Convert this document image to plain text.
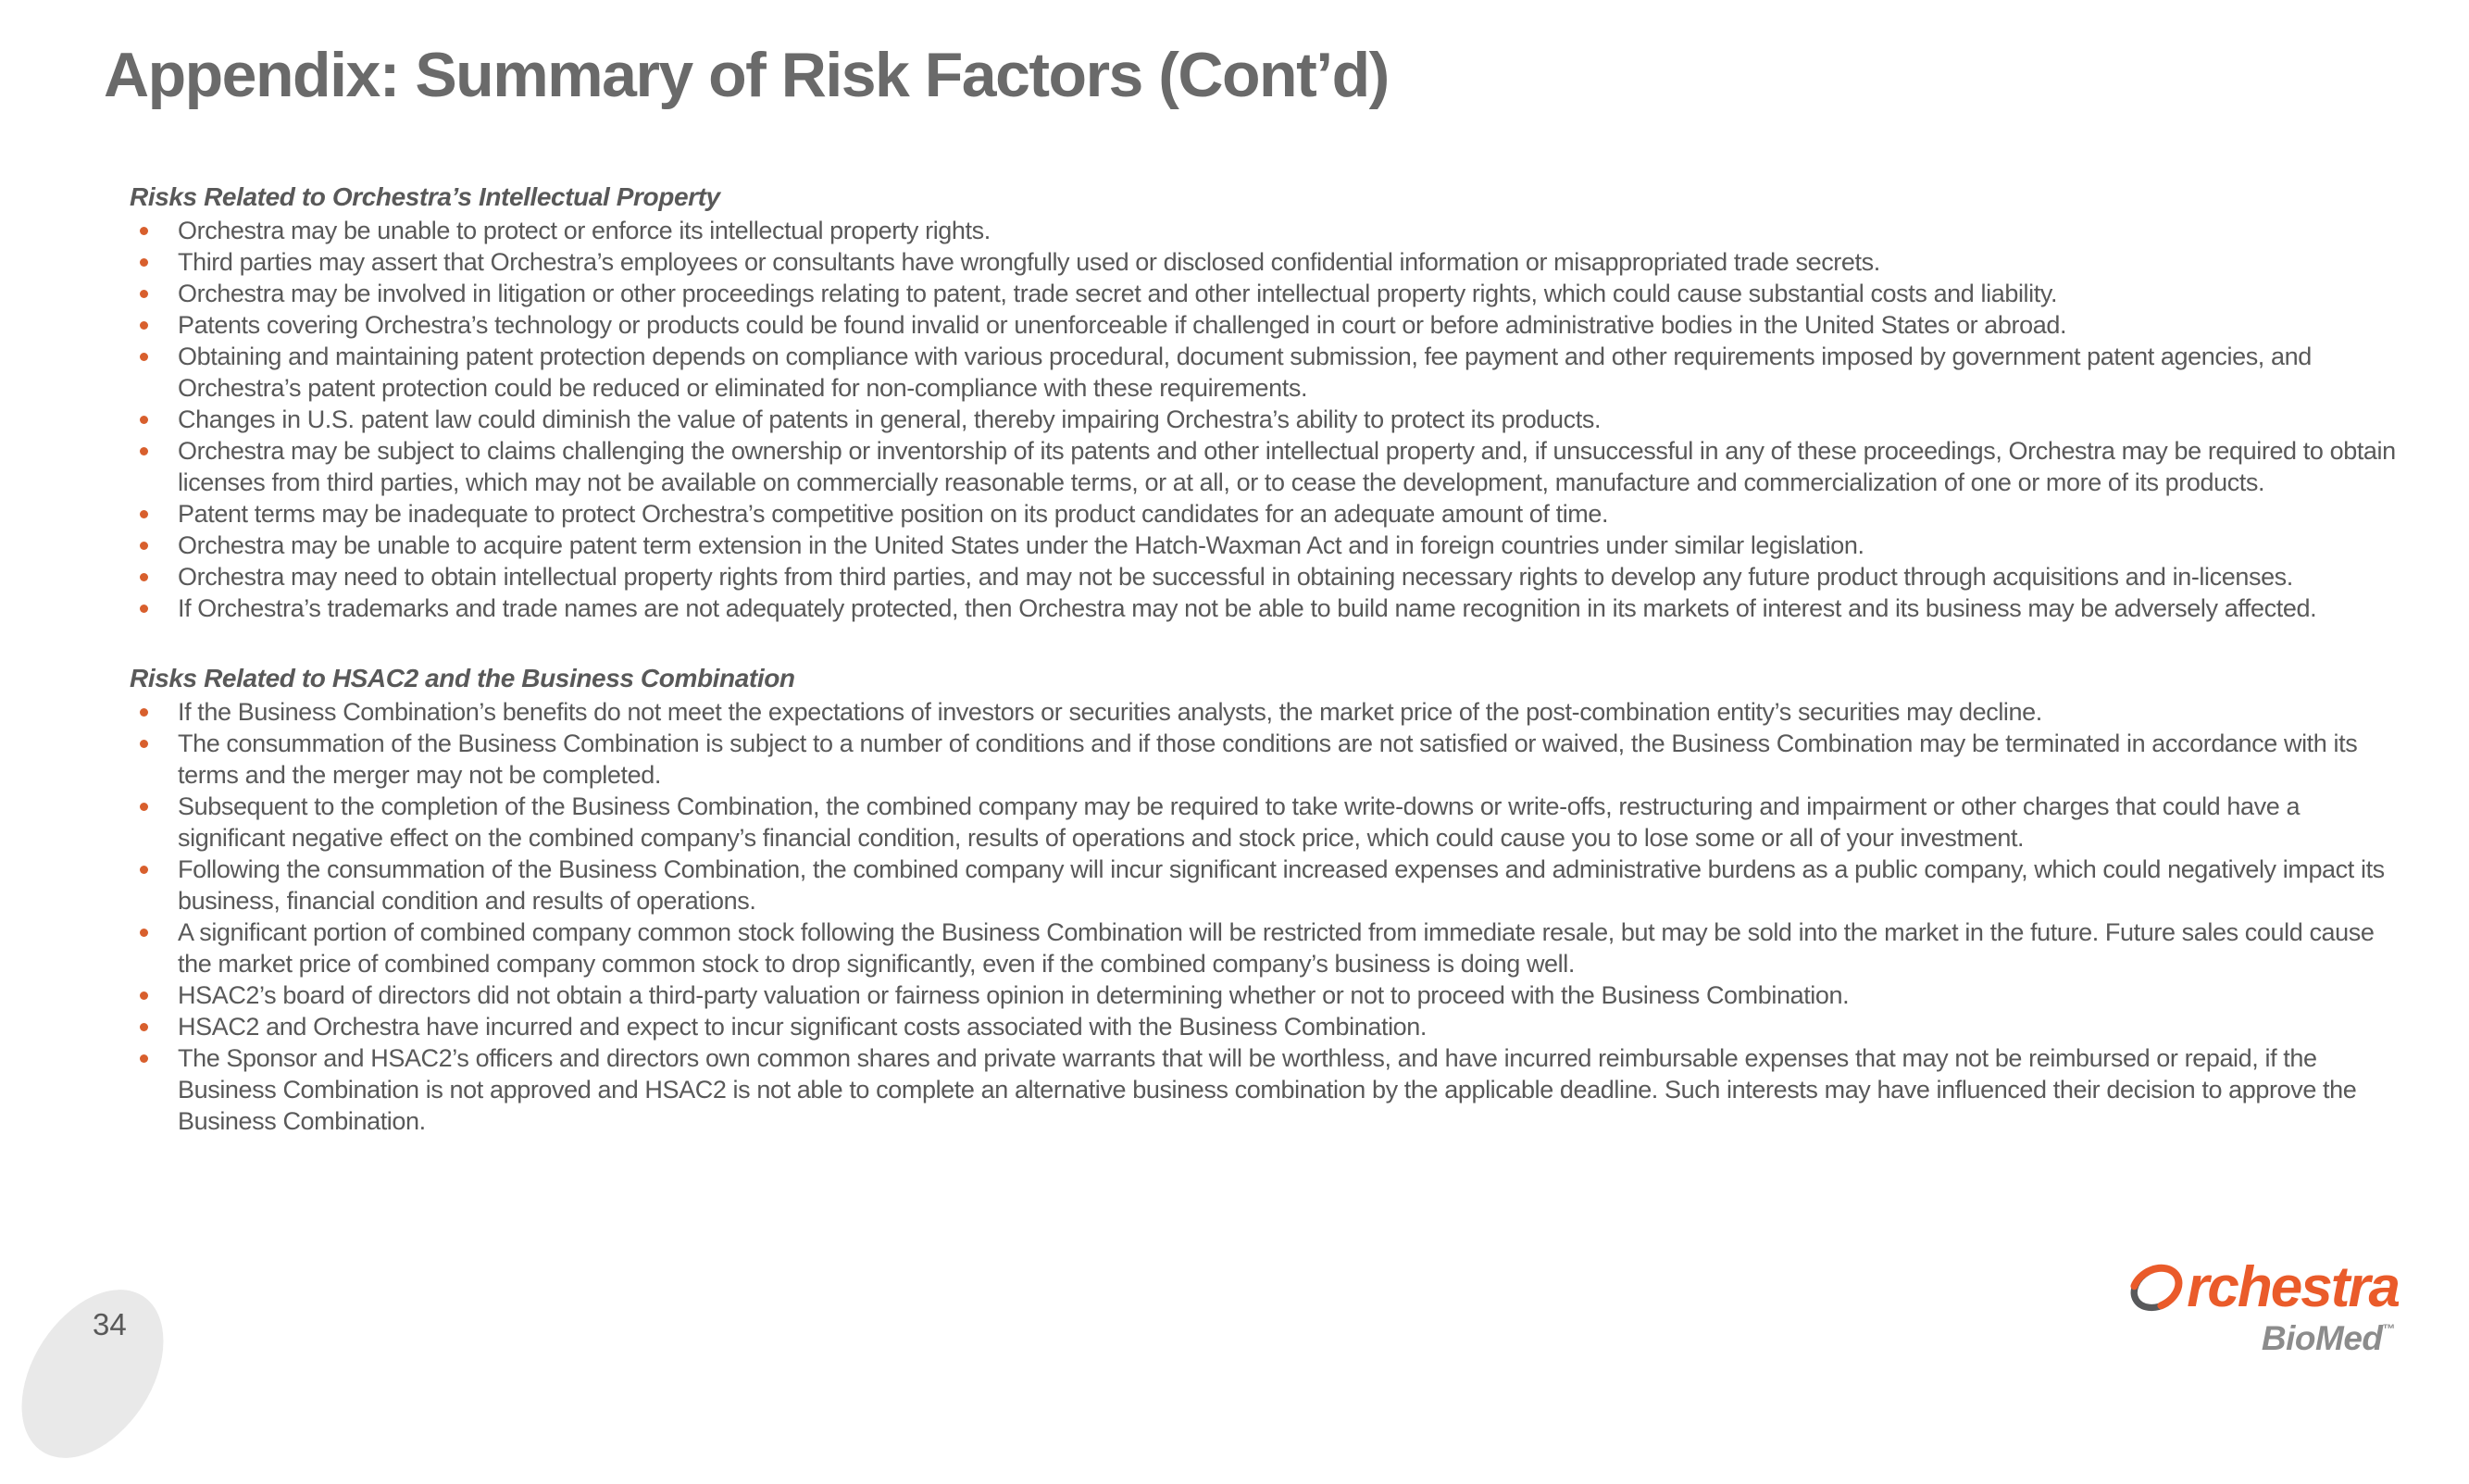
Appendix: Summary of Risk Factors (Cont’d)
Risks Related to Orchestra’s Intellectual Property
Orchestra may be unable to protect or enforce its intellectual property rights.
Third parties may assert that Orchestra’s employees or consultants have wrongfully used or disclosed confidential information or misappropriated trade secrets.
Orchestra may be involved in litigation or other proceedings relating to patent, trade secret and other intellectual property rights, which could cause substantial costs and liability.
Patents covering Orchestra’s technology or products could be found invalid or unenforceable if challenged in court or before administrative bodies in the United States or abroad.
Obtaining and maintaining patent protection depends on compliance with various procedural, document submission, fee payment and other requirements imposed by government patent agencies, and Orchestra’s patent protection could be reduced or eliminated for non-compliance with these requirements.
Changes in U.S. patent law could diminish the value of patents in general, thereby impairing Orchestra’s ability to protect its products.
Orchestra may be subject to claims challenging the ownership or inventorship of its patents and other intellectual property and, if unsuccessful in any of these proceedings, Orchestra may be required to obtain licenses from third parties, which may not be available on commercially reasonable terms, or at all, or to cease the development, manufacture and commercialization of one or more of its products.
Patent terms may be inadequate to protect Orchestra’s competitive position on its product candidates for an adequate amount of time.
Orchestra may be unable to acquire patent term extension in the United States under the Hatch-Waxman Act and in foreign countries under similar legislation.
Orchestra may need to obtain intellectual property rights from third parties, and may not be successful in obtaining necessary rights to develop any future product through acquisitions and in-licenses.
If Orchestra’s trademarks and trade names are not adequately protected, then Orchestra may not be able to build name recognition in its markets of interest and its business may be adversely affected.
Risks Related to HSAC2 and the Business Combination
If the Business Combination’s benefits do not meet the expectations of investors or securities analysts, the market price of the post-combination entity’s securities may decline.
The consummation of the Business Combination is subject to a number of conditions and if those conditions are not satisfied or waived, the Business Combination may be terminated in accordance with its terms and the merger may not be completed.
Subsequent to the completion of the Business Combination, the combined company may be required to take write-downs or write-offs, restructuring and impairment or other charges that could have a significant negative effect on the combined company’s financial condition, results of operations and stock price, which could cause you to lose some or all of your investment.
Following the consummation of the Business Combination, the combined company will incur significant increased expenses and administrative burdens as a public company, which could negatively impact its business, financial condition and results of operations.
A significant portion of combined company common stock following the Business Combination will be restricted from immediate resale, but may be sold into the market in the future. Future sales could cause the market price of combined company common stock to drop significantly, even if the combined company’s business is doing well.
HSAC2’s board of directors did not obtain a third-party valuation or fairness opinion in determining whether or not to proceed with the Business Combination.
HSAC2 and Orchestra have incurred and expect to incur significant costs associated with the Business Combination.
The Sponsor and HSAC2’s officers and directors own common shares and private warrants that will be worthless, and have incurred reimbursable expenses that may not be reimbursed or repaid, if the Business Combination is not approved and HSAC2 is not able to complete an alternative business combination by the applicable deadline. Such interests may have influenced their decision to approve the Business Combination.
34
rchestra
BioMed™
